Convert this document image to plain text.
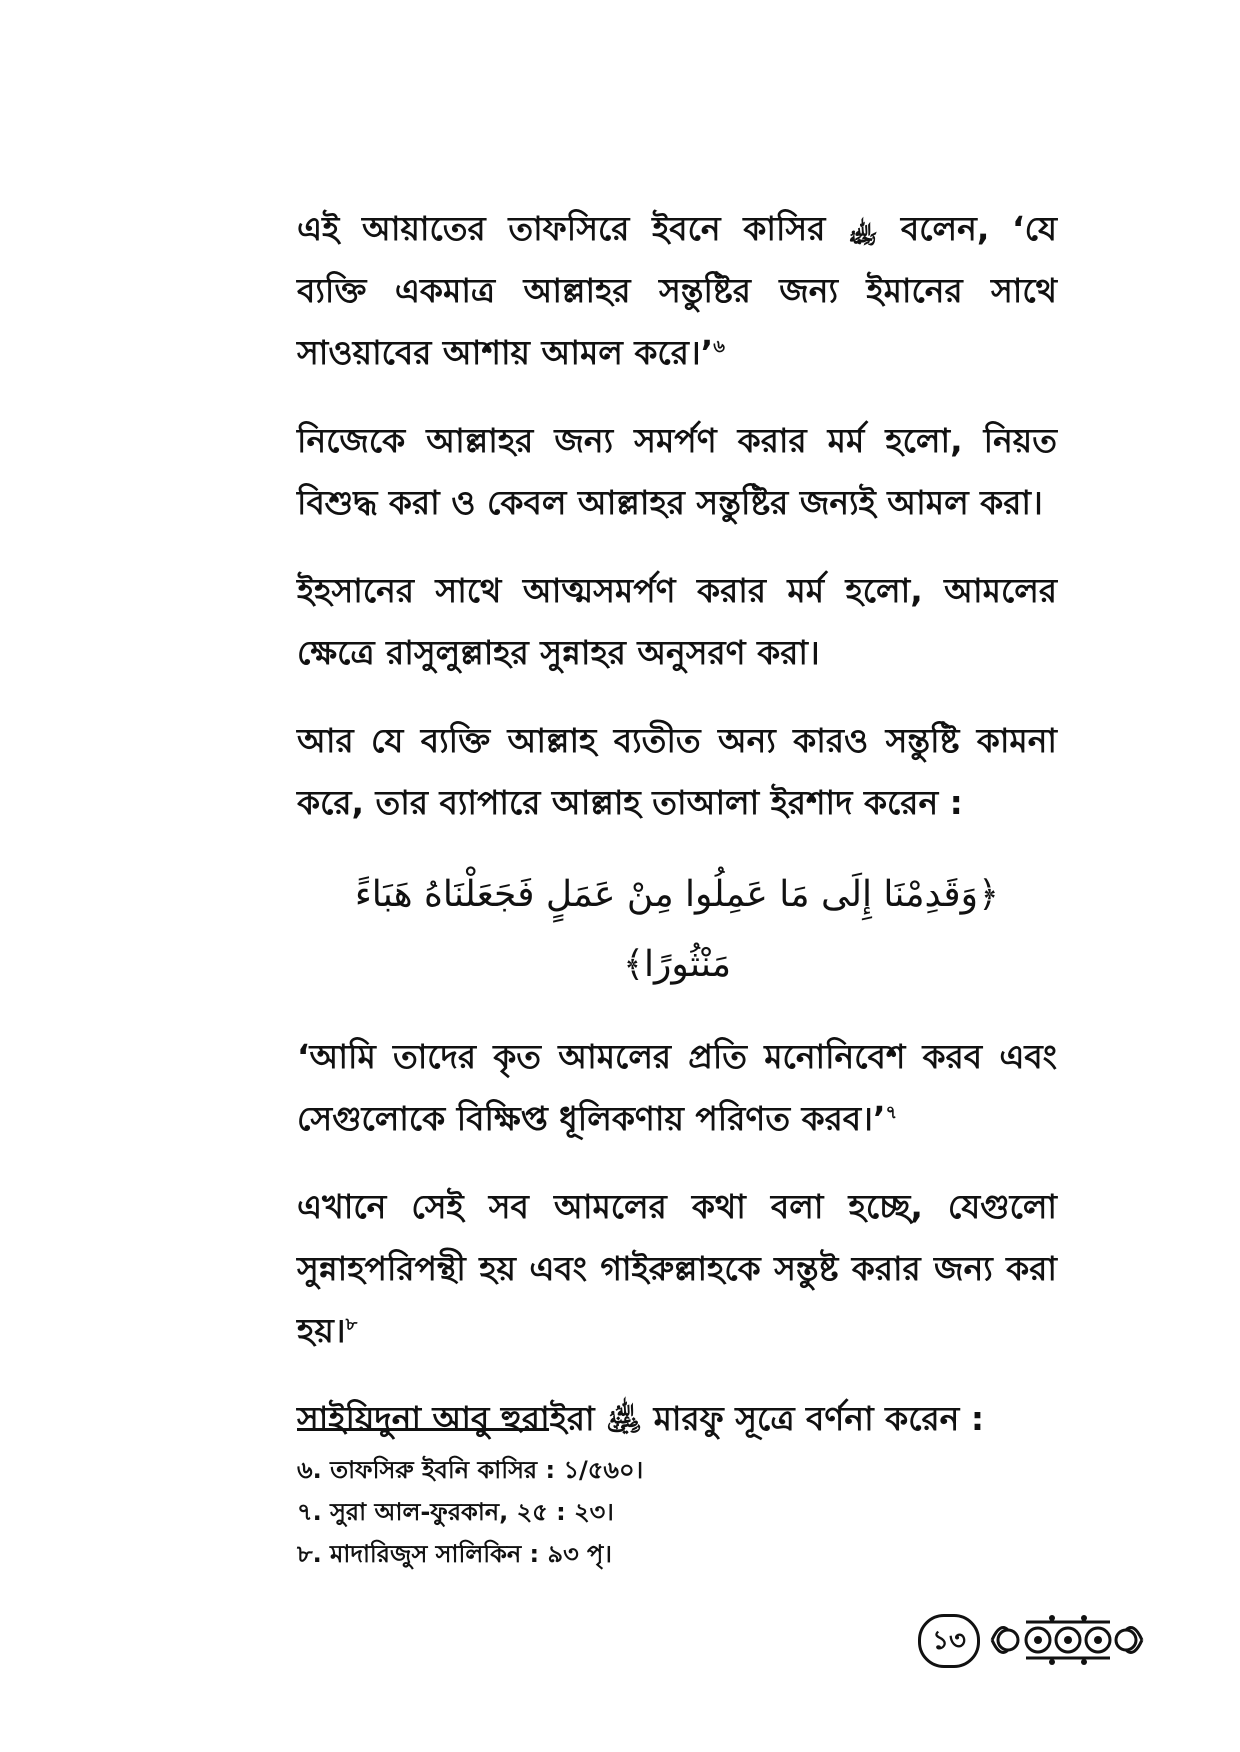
এই আয়াতের তাফসিরে ইবনে কাসির ﵀ বলেন, ‘যে ব্যক্তি একমাত্র আল্লাহর সন্তুষ্টির জন্য ইমানের সাথে সাওয়াবের আশায় আমল করে।’$^৬$

নিজেকে আল্লাহর জন্য সমর্পণ করার মর্ম হলো, নিয়ত বিশুদ্ধ করা ও কেবল আল্লাহর সন্তুষ্টির জন্যই আমল করা।

ইহসানের সাথে আত্মসমর্পণ করার মর্ম হলো, আমলের ক্ষেত্রে রাসুলুল্লাহর সুন্নাহর অনুসরণ করা।

আর যে ব্যক্তি আল্লাহ ব্যতীত অন্য কারও সন্তুষ্টি কামনা করে, তার ব্যাপারে আল্লাহ তাআলা ইরশাদ করেন :

﴿وَقَدِمْنَا إِلَى مَا عَمِلُوا مِنْ عَمَلٍ فَجَعَلْنَاهُ هَبَاءً مَنْثُورًا﴾

‘আমি তাদের কৃত আমলের প্রতি মনোনিবেশ করব এবং সেগুলোকে বিক্ষিপ্ত ধূলিকণায় পরিণত করব।’$^৭$

এখানে সেই সব আমলের কথা বলা হচ্ছে, যেগুলো সুন্নাহপরিপন্থী হয় এবং গাইরুল্লাহকে সন্তুষ্ট করার জন্য করা হয়।$^৮$

সাইয়িদুনা আবু হুরাইরা ﵁ মারফু সূত্রে বর্ণনা করেন :

৬. তাফসিরু ইবনি কাসির : ১/৫৬০।

৭. সুরা আল-ফুরকান, ২৫ : ২৩।

৮. মাদারিজুস সালিকিন : ৯৩ পৃ।

১৩
